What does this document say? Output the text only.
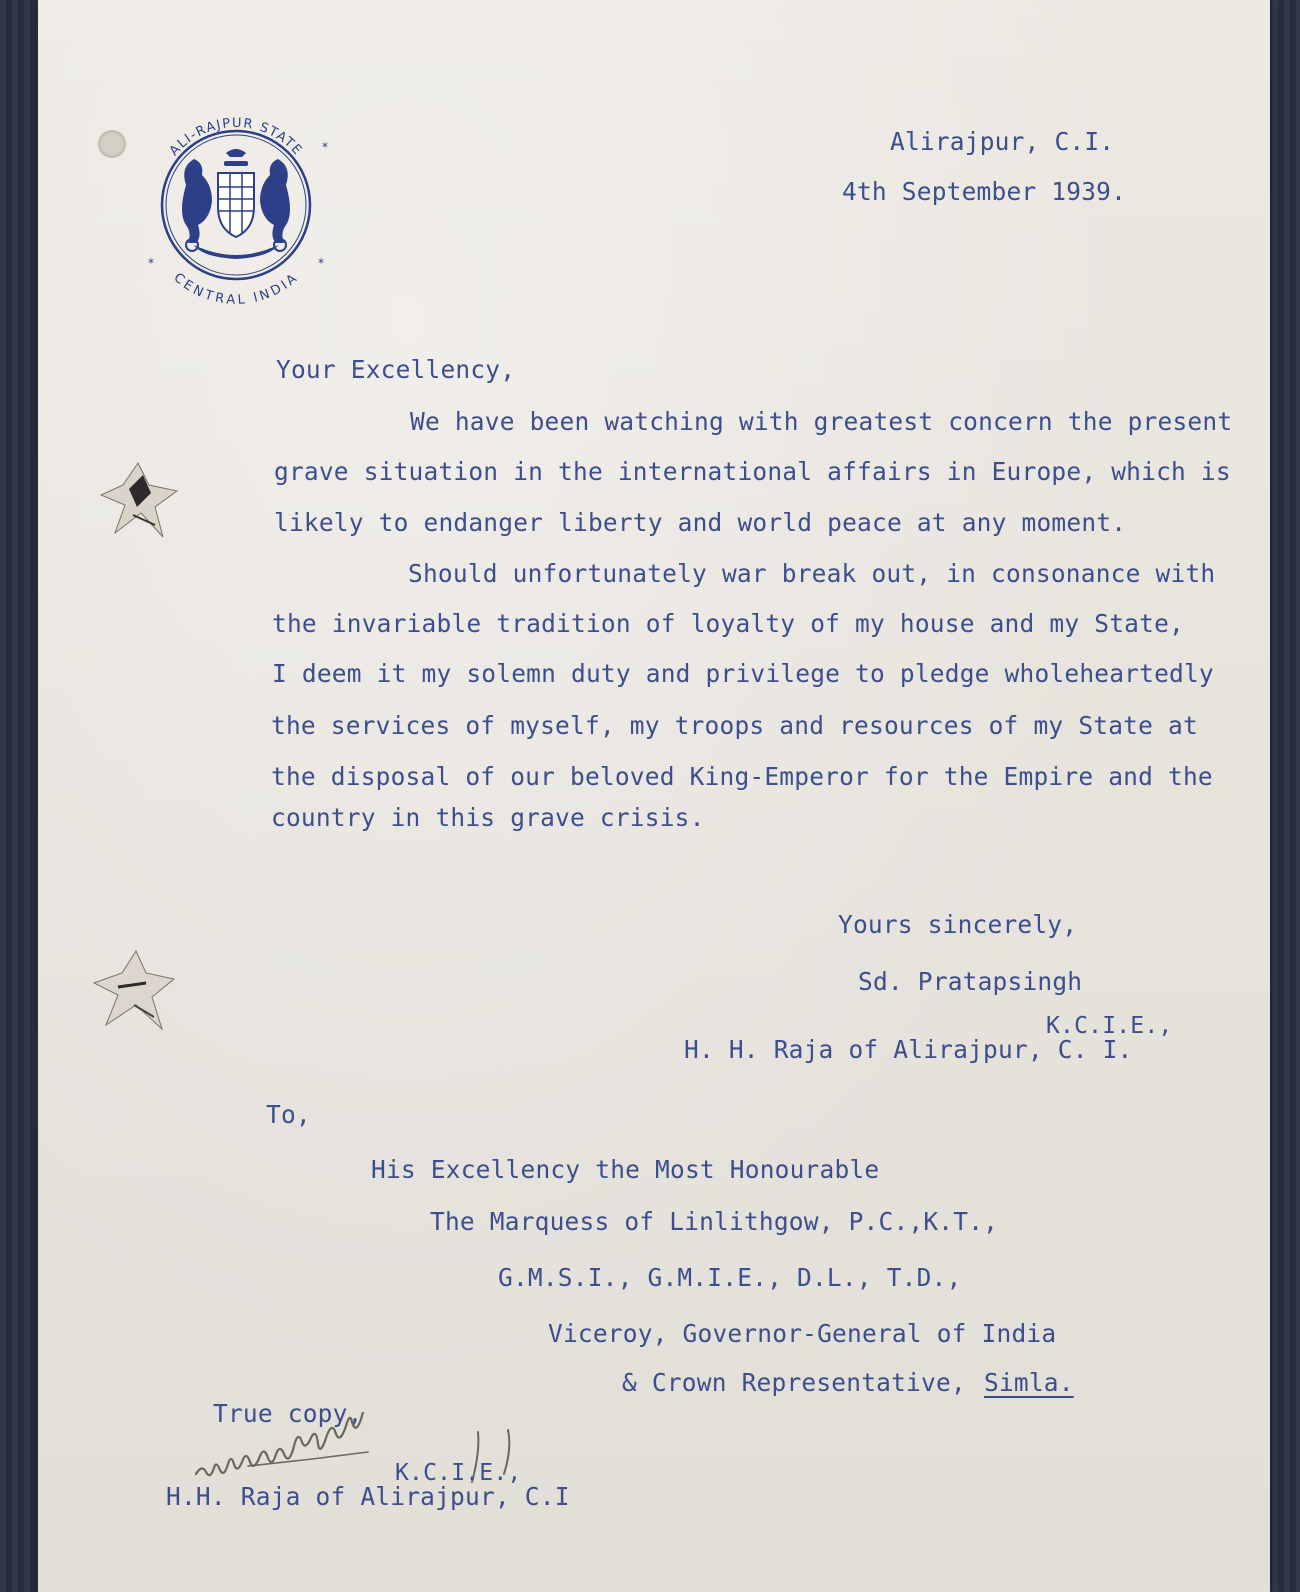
ALI-RAJPUR STATE
CENTRAL INDIA
*	*
*	Alirajpur, C.I.

4th September 1939.

Your Excellency,

We have been watching with greatest concern the present

grave situation in the international affairs in Europe, which is

likely to endanger liberty and world peace at any moment.

Should unfortunately war break out, in consonance with

the invariable tradition of loyalty of my house and my State,

I deem it my solemn duty and privilege to pledge wholeheartedly

the services of myself, my troops and resources of my State at

the disposal of our beloved King-Emperor for the Empire and the

country in this grave crisis.

Yours sincerely,

Sd. Pratapsingh

K.C.I.E.,

H. H. Raja of Alirajpur, C. I.

To,

His Excellency the Most Honourable

The Marquess of Linlithgow, P.C.,K.T.,

G.M.S.I., G.M.I.E., D.L., T.D.,

Viceroy, Governor-General of India

& Crown Representative, Simla.

True copy,

K.C.I.E.,

H.H. Raja of Alirajpur, C.I
